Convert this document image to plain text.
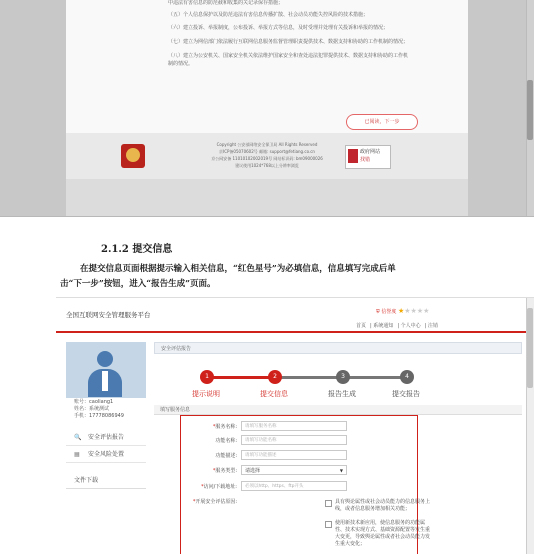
中违法有害信息的防范截和收集的关记录保存措施；
（五）个人信息保护以及防范违法有害信息传播扩散、社会动员功能失控风险的技术措施；
（六）建立投诉、举报制度，公布投诉、举报方式等信息，及时受理并处理有关投诉和举报的情况；
（七）建立为网信部门依法履行互联网信息服务监督管理职责提供技术、数据支持和协助的工作机制的情况；
（八）建立为公安机关、国家安全机关依法维护国家安全和查处违法犯罪提供技术、数据支持和协助的工作机
制的情况。
已阅读，下一步
Copyright 公安部网络安全保卫局 All Rights Reserved
京ICP备05070602号 邮箱: support@fetiang.co.cn
京公网安备 11010102002019号 网站标识码: bm09000026
建议使用1024*768以上分辨率浏览
政府网站
找错
2.1.2 提交信息
在提交信息页面根据提示输入相关信息，“红色星号”为必填信息，信息填写完成后单
击“下一步”按钮，进入“报告生成”页面。
全国互联网安全管理服务平台	⛨ 信誉度 ★★★★★
首页 | 系统通知 | 个人中心 | 注销
账号：caoliang1
姓名：系统测试
手机：17778086949
🔍 安全评估报告
▦ 安全风险处置
文件下载
安全评估报告
1	2	3	4
提示说明	提交信息	报告生成	提交报告
填写服务信息
*服务名称:	请填写服务名称
功能名称:	请填写功能名称
功能描述:	请填写功能描述
*服务类型:	请选择	▼
*访问/下载地址:	必须以http、https、ftp开头
*开展安全评估原因:	具有舆论属性或社会动员能力的信息服务上
线，或者信息服务增加相关功能；
使用新技术新应用，使信息服务的功能属
性、技术实现方式、基础资源配置等发生重
大变更，导致舆论属性或者社会动员能力发
生重大变化；
